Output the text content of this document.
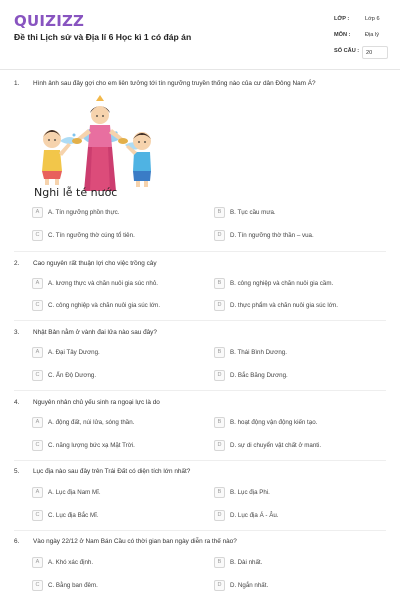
QUIZIZZ
Đề thi Lịch sử và Địa lí 6 Học kì 1 có đáp án
LỚP :	Lớp 6
MÔN :	Địa lý
SỐ CÂU : 20
1. Hình ảnh sau đây gợi cho em liên tưởng tới tín ngưỡng truyền thống nào của cư dân Đông Nam Á?
Nghi lễ té nước
A	A. Tín ngưỡng phồn thực.	B	B. Tục cầu mưa.
C	C. Tín ngưỡng thờ cúng tổ tiên.	D	D. Tín ngưỡng thờ thần – vua.
2. Cao nguyên rất thuận lợi cho việc trồng cây
A	A. lương thực và chăn nuôi gia súc nhỏ.	B	B. công nghiệp và chăn nuôi gia cầm.
C	C. công nghiệp và chăn nuôi gia súc lớn.	D	D. thực phẩm và chăn nuôi gia súc lớn.
3. Nhật Bản nằm ở vành đai lửa nào sau đây?
A	A. Đại Tây Dương.	B	B. Thái Bình Dương.
C	C. Ấn Độ Dương.	D	D. Bắc Băng Dương.
4. Nguyên nhân chủ yếu sinh ra ngoại lực là do
A	A. động đất, núi lửa, sóng thần.	B	B. hoạt động vận động kiến tạo.
C	C. năng lượng bức xạ Mặt Trời.	D	D. sự di chuyển vật chất ở manti.
5. Lục địa nào sau đây trên Trái Đất có diện tích lớn nhất?
A	A. Lục địa Nam Mĩ.	B	B. Lục địa Phi.
C	C. Lục địa Bắc Mĩ.	D	D. Lục địa Á - Âu.
6. Vào ngày 22/12 ở Nam Bán Cầu có thời gian ban ngày diễn ra thế nào?
A	A. Khó xác định.	B	B. Dài nhất.
C	C. Bằng ban đêm.	D	D. Ngắn nhất.
